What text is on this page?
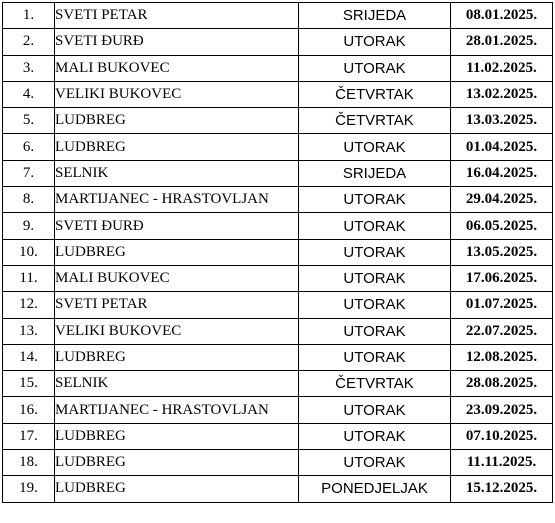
1.	SVETI PETAR	SRIJEDA	08.01.2025.
2.	SVETI ĐURĐ	UTORAK	28.01.2025.
3.	MALI BUKOVEC	UTORAK	11.02.2025.
4.	VELIKI BUKOVEC	ČETVRTAK	13.02.2025.
5.	LUDBREG	ČETVRTAK	13.03.2025.
6.	LUDBREG	UTORAK	01.04.2025.
7.	SELNIK	SRIJEDA	16.04.2025.
8.	MARTIJANEC - HRASTOVLJAN	UTORAK	29.04.2025.
9.	SVETI ĐURĐ	UTORAK	06.05.2025.
10.	LUDBREG	UTORAK	13.05.2025.
11.	MALI BUKOVEC	UTORAK	17.06.2025.
12.	SVETI PETAR	UTORAK	01.07.2025.
13.	VELIKI BUKOVEC	UTORAK	22.07.2025.
14.	LUDBREG	UTORAK	12.08.2025.
15.	SELNIK	ČETVRTAK	28.08.2025.
16.	MARTIJANEC - HRASTOVLJAN	UTORAK	23.09.2025.
17.	LUDBREG	UTORAK	07.10.2025.
18.	LUDBREG	UTORAK	11.11.2025.
19.	LUDBREG	PONEDJELJAK	15.12.2025.
